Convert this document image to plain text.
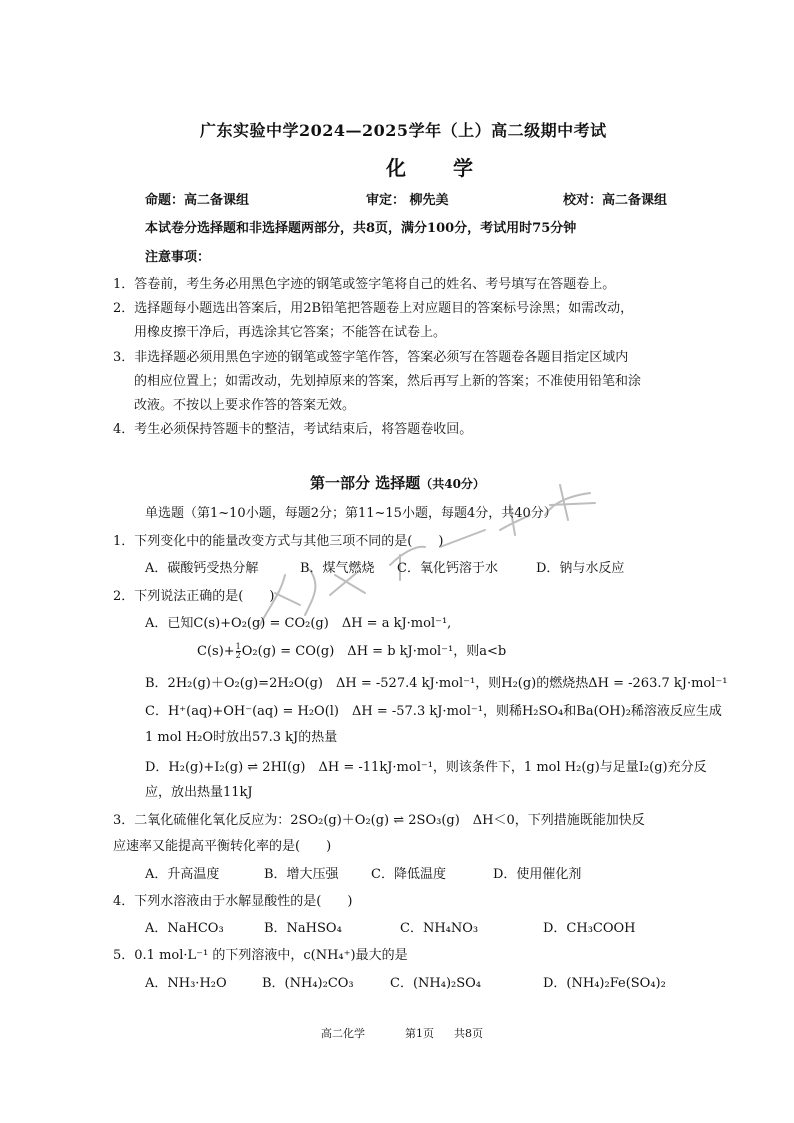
广东实验中学2024—2025学年（上）高二级期中考试
化 学
命题：高二备课组	审定： 柳先美	校对：高二备课组
本试卷分选择题和非选择题两部分，共8页，满分100分，考试用时75分钟
注意事项：
1．答卷前，考生务必用黑色字迹的钢笔或签字笔将自己的姓名、考号填写在答题卷上。
2．选择题每小题选出答案后，用2B铅笔把答题卷上对应题目的答案标号涂黑；如需改动，
用橡皮擦干净后，再选涂其它答案；不能答在试卷上。
3．非选择题必须用黑色字迹的钢笔或签字笔作答，答案必须写在答题卷各题目指定区域内
的相应位置上；如需改动，先划掉原来的答案，然后再写上新的答案；不准使用铅笔和涂
改液。不按以上要求作答的答案无效。
4．考生必须保持答题卡的整洁，考试结束后，将答题卷收回。
第一部分 选择题（共40分）
单选题（第1~10小题，每题2分；第11~15小题，每题4分，共40分）
1．下列变化中的能量改变方式与其他三项不同的是(　　)
A．碳酸钙受热分解	B．煤气燃烧 C．氧化钙溶于水	D．钠与水反应
2．下列说法正确的是(　　)
A．已知C(s)+O₂(g) = CO₂(g)　ΔH = a kJ·mol⁻¹,
$C(s)+ \frac{1}{2} O_2(g) = CO(g)$　ΔH = b kJ·mol⁻¹，则a<b
B．2H₂(g)＋O₂(g)=2H₂O(g)　ΔH = -527.4 kJ·mol⁻¹，则H₂(g)的燃烧热ΔH = -263.7 kJ·mol⁻¹
C．H⁺(aq)+OH⁻(aq) = H₂O(l)　ΔH = -57.3 kJ·mol⁻¹，则稀H₂SO₄和Ba(OH)₂稀溶液反应生成
1 mol H₂O时放出57.3 kJ的热量
D．H₂(g)+I₂(g) ⇌ 2HI(g)　ΔH = -11kJ·mol⁻¹，则该条件下，1 mol H₂(g)与足量I₂(g)充分反
应，放出热量11kJ
3．二氧化硫催化氧化反应为：2SO₂(g)＋O₂(g) ⇌ 2SO₃(g)　ΔH＜0，下列措施既能加快反
应速率又能提高平衡转化率的是(　　)
A．升高温度	B．增大压强 C．降低温度	D．使用催化剂
4．下列水溶液由于水解显酸性的是(　　)
A．NaHCO₃	B．NaHSO₄	C．NH₄NO₃	D．CH₃COOH
5．0.1 mol·L⁻¹ 的下列溶液中，c(NH₄⁺)最大的是
A．NH₃·H₂O	B．(NH₄)₂CO₃	C．(NH₄)₂SO₄	D．(NH₄)₂Fe(SO₄)₂
高二化学	第1页 共8页
